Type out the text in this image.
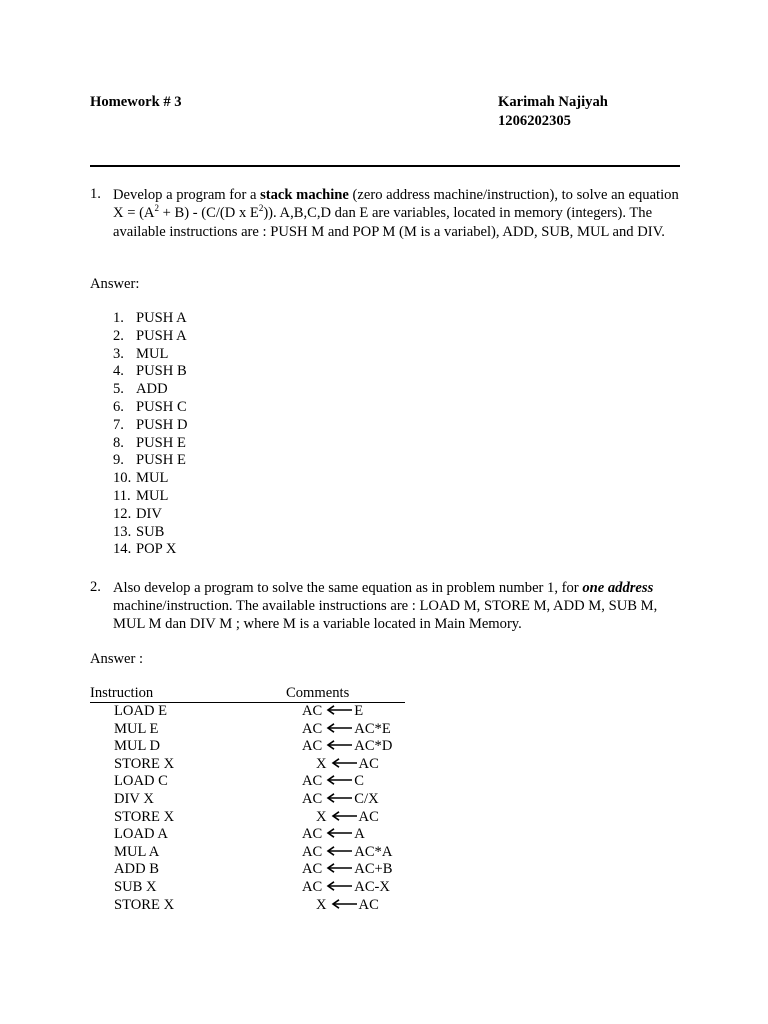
Homework # 3	Karimah Najiyah
1206202305
1. Develop a program for a stack machine (zero address machine/instruction), to solve an equation $X = (A^2 + B) - (C/(D$ x $E^2$)). A,B,C,D dan E are variables, located in memory (integers). The available instructions are : PUSH M and POP M (M is a variabel), ADD, SUB, MUL and DIV.
Answer:
1. PUSH A
2. PUSH A
3. MUL
4. PUSH B
5. ADD
6. PUSH C
7. PUSH D
8. PUSH E
9. PUSH E
10. MUL
11. MUL
12. DIV
13. SUB
14. POP X
2. Also develop a program to solve the same equation as in problem number 1, for one address machine/instruction. The available instructions are : LOAD M, STORE M, ADD M, SUB M, MUL M dan DIV M ; where M is a variable located in Main Memory.
Answer :
Instruction	Comments
LOAD E	AC E
MUL E	AC AC*E
MUL D	AC AC*D
STORE X	X AC
LOAD C	AC C
DIV X	AC C/X
STORE X	X AC
LOAD A	AC A
MUL A	AC AC*A
ADD B	AC AC+B
SUB X	AC AC-X
STORE X	X AC
